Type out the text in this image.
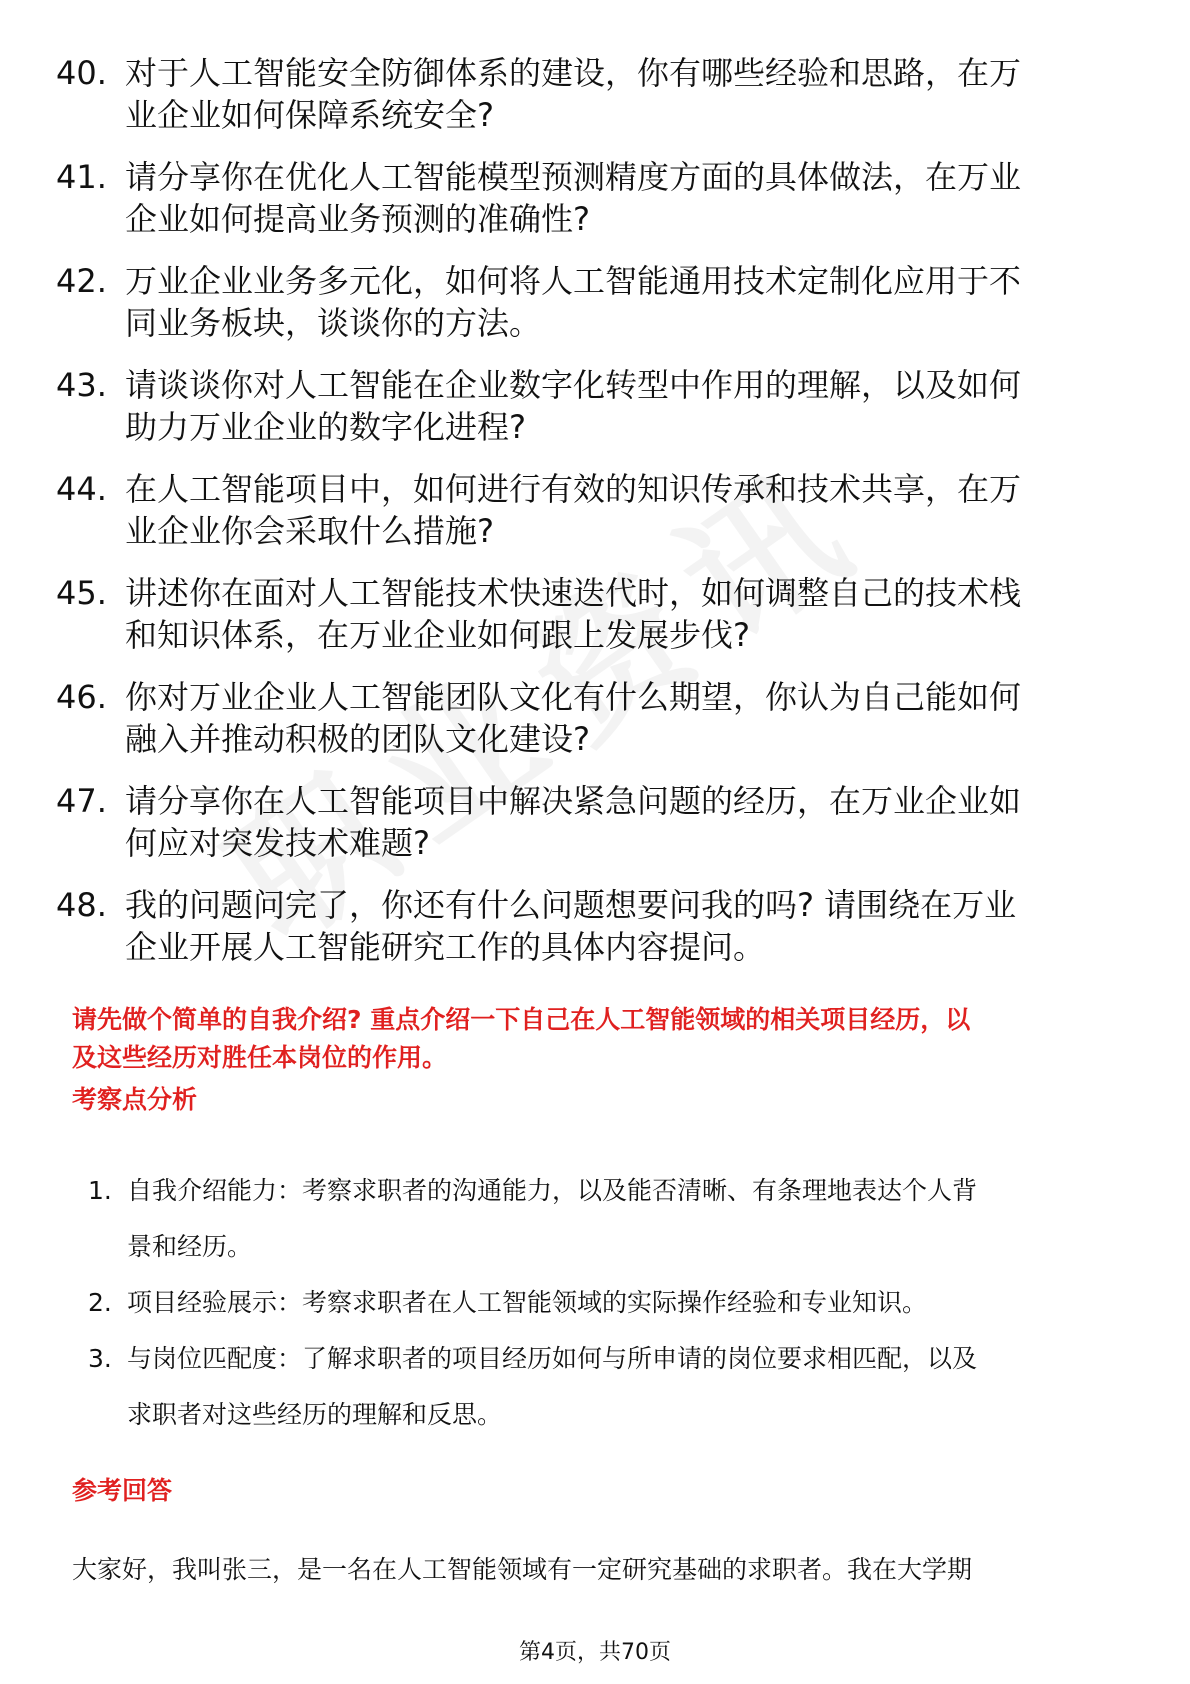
40. 对于人工智能安全防御体系的建设，你有哪些经验和思路，在万
业企业如何保障系统安全?
41. 请分享你在优化人工智能模型预测精度方面的具体做法，在万业
企业如何提高业务预测的准确性?
42. 万业企业业务多元化，如何将人工智能通用技术定制化应用于不
同业务板块，谈谈你的方法。
43. 请谈谈你对人工智能在企业数字化转型中作用的理解，以及如何
助力万业企业的数字化进程?
44. 在人工智能项目中，如何进行有效的知识传承和技术共享，在万
业企业你会采取什么措施?
45. 讲述你在面对人工智能技术快速迭代时，如何调整自己的技术栈
和知识体系，在万业企业如何跟上发展步伐?
46. 你对万业企业人工智能团队文化有什么期望，你认为自己能如何
融入并推动积极的团队文化建设?
47. 请分享你在人工智能项目中解决紧急问题的经历，在万业企业如
何应对突发技术难题?
48. 我的问题问完了，你还有什么问题想要问我的吗? 请围绕在万业
企业开展人工智能研究工作的具体内容提问。
请先做个简单的自我介绍? 重点介绍一下自己在人工智能领域的相关项目经历，以
及这些经历对胜任本岗位的作用。
考察点分析
1. 自我介绍能力：考察求职者的沟通能力，以及能否清晰、有条理地表达个人背
景和经历。
2. 项目经验展示：考察求职者在人工智能领域的实际操作经验和专业知识。
3. 与岗位匹配度：了解求职者的项目经历如何与所申请的岗位要求相匹配，以及
求职者对这些经历的理解和反思。
参考回答
大家好，我叫张三，是一名在人工智能领域有一定研究基础的求职者。我在大学期
第4页，共70页
